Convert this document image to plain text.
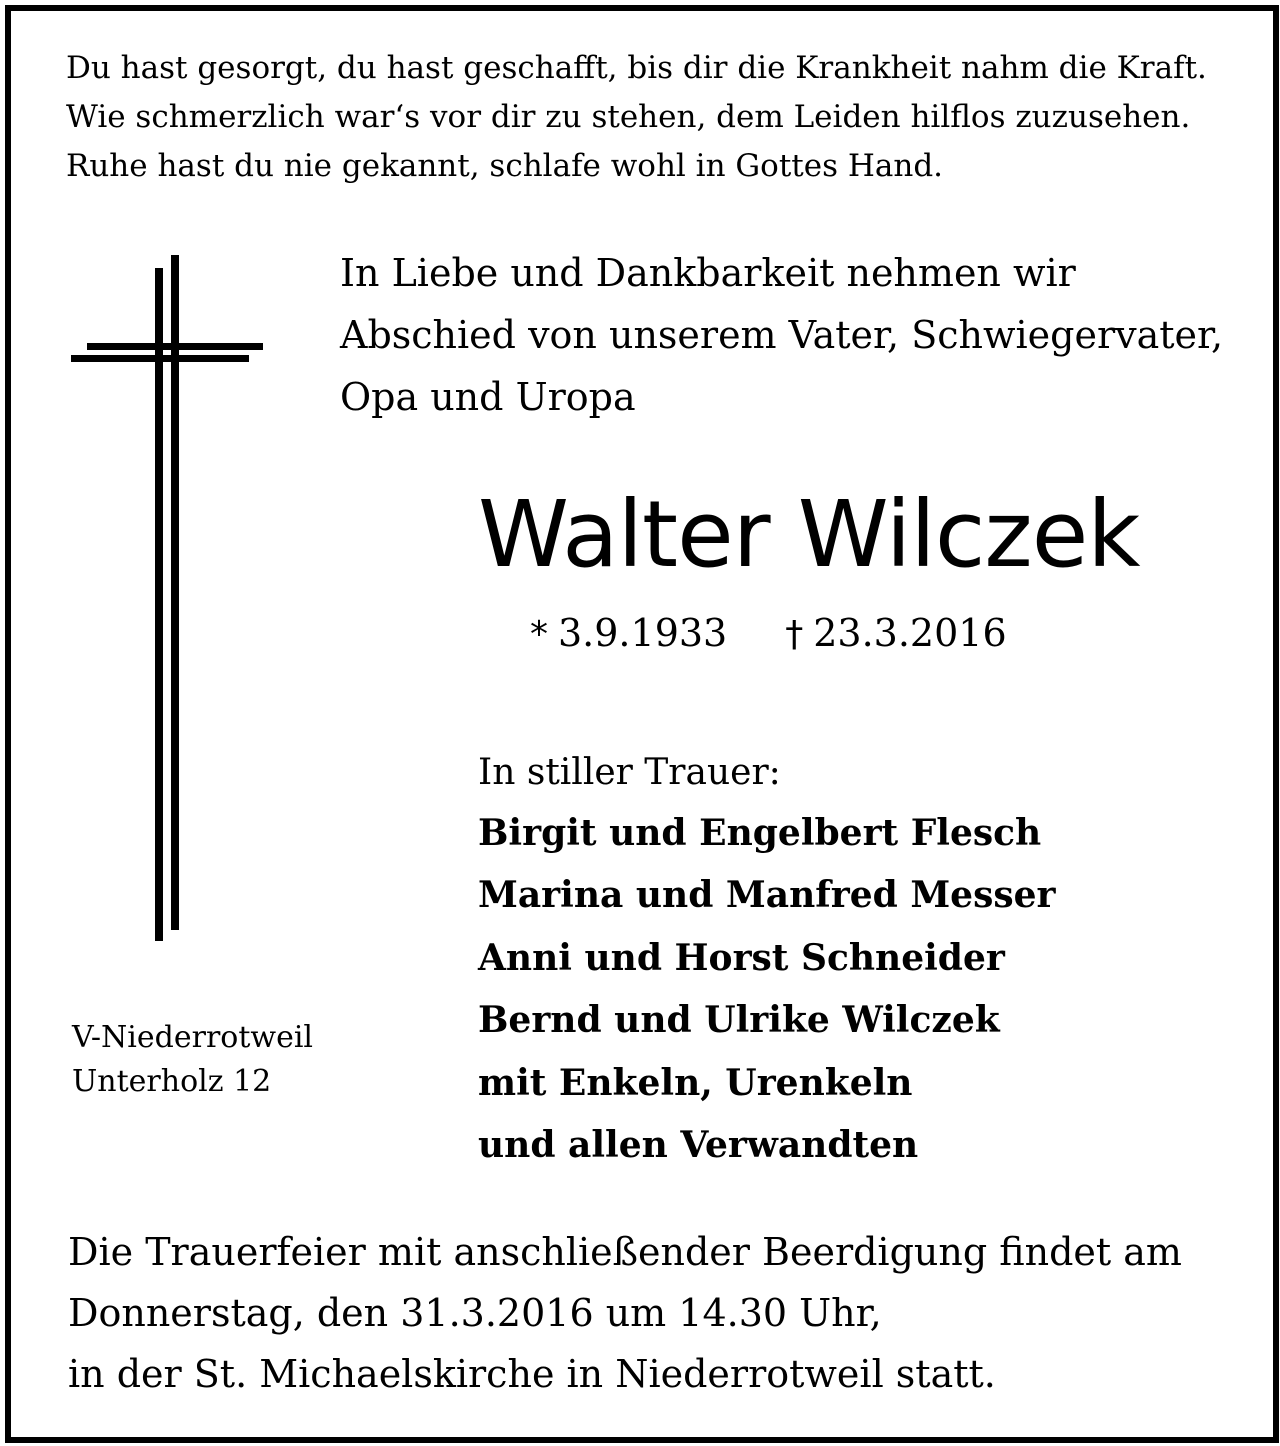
Du hast gesorgt, du hast geschafft, bis dir die Krankheit nahm die Kraft.
Wie schmerzlich war‘s vor dir zu stehen, dem Leiden hilflos zuzusehen.
Ruhe hast du nie gekannt, schlafe wohl in Gottes Hand.
In Liebe und Dankbarkeit nehmen wir
Abschied von unserem Vater, Schwiegervater,
Opa und Uropa
Walter Wilczek
* 3.9.1933 † 23.3.2016
In stiller Trauer:
Birgit und Engelbert Flesch
Marina und Manfred Messer
Anni und Horst Schneider
Bernd und Ulrike Wilczek
mit Enkeln, Urenkeln
und allen Verwandten
V-Niederrotweil
Unterholz 12
Die Trauerfeier mit anschließender Beerdigung findet am
Donnerstag, den 31.3.2016 um 14.30 Uhr,
in der St. Michaelskirche in Niederrotweil statt.
